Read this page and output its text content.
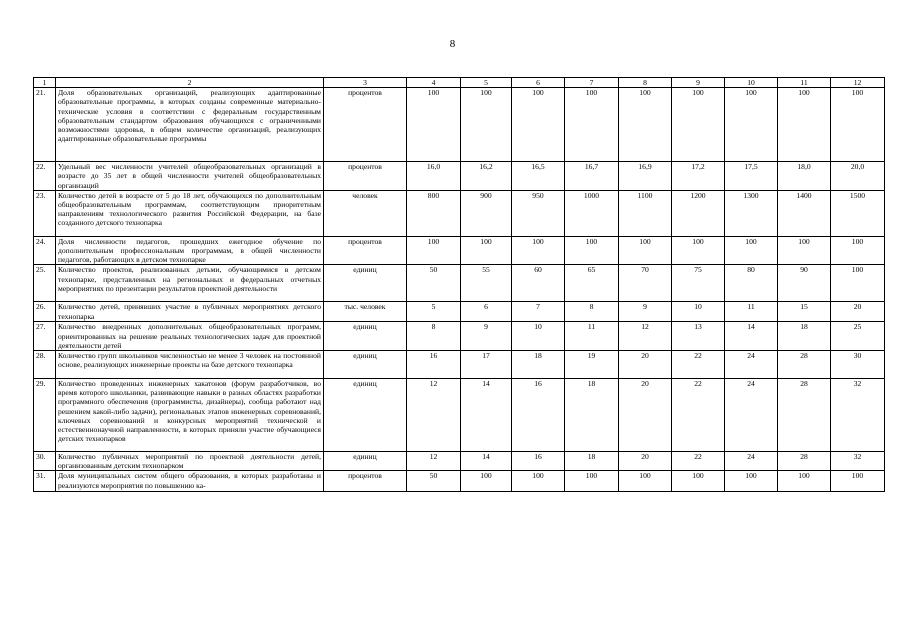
8
1	2	3	4	5	6	7	8	9	10	11	12
21.	Доля образовательных организаций, реализующих адаптированные образовательные программы, в которых созданы современные материально-технические условия в соответствии с федеральным государственным образовательным стандартом образования обучающихся с ограниченными возможностями здоровья, в общем количестве организаций, реализующих адаптированные образовательные программы	процентов	100	100	100	100	100	100	100	100	100
22.	Удельный вес численности учителей общеобразовательных организаций в возрасте до 35 лет в общей численности учителей общеобразовательных организаций	процентов	16,0	16,2	16,5	16,7	16,9	17,2	17,5	18,0	20,0
23.	Количество детей в возрасте от 5 до 18 лет, обучающихся по дополнительным общеобразовательным программам, соответствующим приоритетным направлениям технологического развития Российской Федерации, на базе созданного детского технопарка	человек	800	900	950	1000	1100	1200	1300	1400	1500
24.	Доля численности педагогов, прошедших ежегодное обучение по дополнительным профессиональным программам, в общей численности педагогов, работающих в детском технопарке	процентов	100	100	100	100	100	100	100	100	100
25.	Количество проектов, реализованных детьми, обучающимися в детском технопарке, представленных на региональных и федеральных отчетных мероприятиях по презентации результатов проектной деятельности	единиц	50	55	60	65	70	75	80	90	100
26.	Количество детей, принявших участие в публичных мероприятиях детского технопарка	тыс. человек	5	6	7	8	9	10	11	15	20
27.	Количество внедренных дополнительных общеобразовательных программ, ориентированных на решение реальных технологических задач для проектной деятельности детей	единиц	8	9	10	11	12	13	14	18	25
28.	Количество групп школьников численностью не менее 3 человек на постоянной основе, реализующих инженерные проекты на базе детского технопарка	единиц	16	17	18	19	20	22	24	28	30
29.	Количество проведенных инженерных хакатонов (форум разработчиков, во время которого школьники, развивающие навыки в разных областях разработки программного обеспечения (программисты, дизайнеры), сообща работают над решением какой-либо задачи), региональных этапов инженерных соревнований, ключевых соревнований и конкурсных мероприятий технической и естественнонаучной направленности, в которых приняли участие обучающиеся детских технопарков	единиц	12	14	16	18	20	22	24	28	32
30.	Количество публичных мероприятий по проектной деятельности детей, организованным детским технопарком	единиц	12	14	16	18	20	22	24	28	32
31.	Доля муниципальных систем общего образования, в которых разработаны и реализуются мероприятия по повышению ка-	процентов	50	100	100	100	100	100	100	100	100
